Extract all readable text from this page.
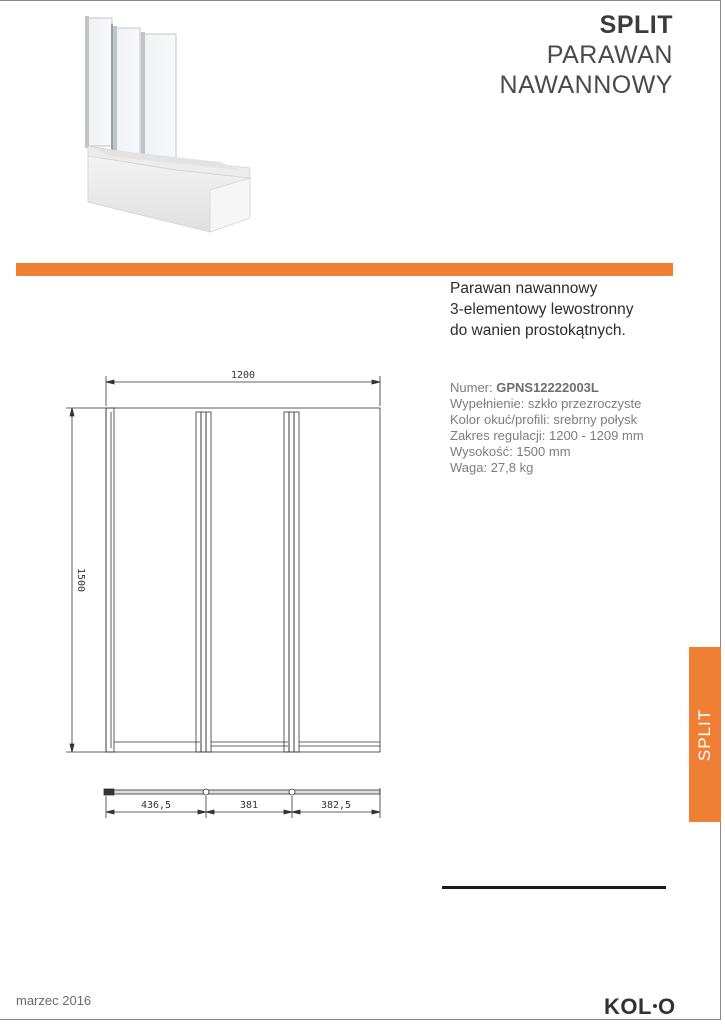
SPLIT
PARAWAN
NAWANNOWY
Parawan nawannowy
3-elementowy lewostronny
do wanien prostokątnych.
Numer: GPNS12222003L
Wypełnienie: szkło przezroczyste
Kolor okuć/profili: srebrny połysk
Zakres regulacji: 1200 - 1209 mm
Wysokość: 1500 mm
Waga: 27,8 kg
1200
1500
436,5	381	382,5
SPLIT
marzec 2016	KOL O
